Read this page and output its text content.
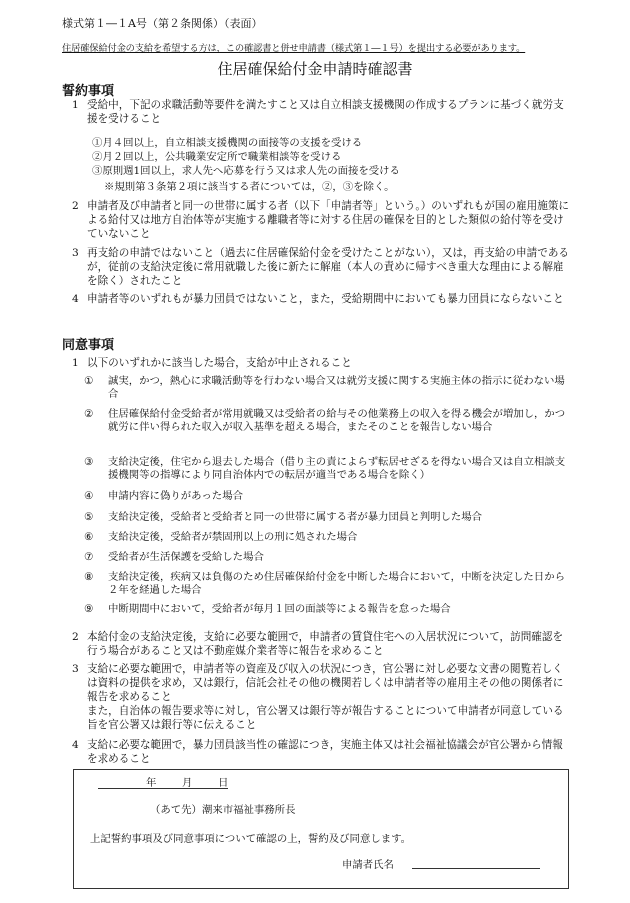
様式第１―１A号（第２条関係）（表面）
住居確保給付金の支給を希望する方は，この確認書と併せ申請書（様式第１―１号）を提出する必要があります。
住居確保給付金申請時確認書
誓約事項
1 受給中，下記の求職活動等要件を満たすこと又は自立相談支援機関の作成するプランに基づく就労支援を受けること
①月４回以上，自立相談支援機関の面接等の支援を受ける
②月２回以上，公共職業安定所で職業相談等を受ける
③原則週1回以上，求人先へ応募を行う又は求人先の面接を受ける
※規則第３条第２項に該当する者については，②，③を除く。
2 申請者及び申請者と同一の世帯に属する者（以下「申請者等」という。）のいずれもが国の雇用施策による給付又は地方自治体等が実施する離職者等に対する住居の確保を目的とした類似の給付等を受けていないこと
3 再支給の申請ではないこと（過去に住居確保給付金を受けたことがない），又は，再支給の申請であるが，従前の支給決定後に常用就職した後に新たに解雇（本人の責めに帰すべき重大な理由による解雇を除く）されたこと
4 申請者等のいずれもが暴力団員ではないこと，また，受給期間中においても暴力団員にならないこと
同意事項
1 以下のいずれかに該当した場合，支給が中止されること
①	誠実，かつ，熱心に求職活動等を行わない場合又は就労支援に関する実施主体の指示に従わない場合
②	住居確保給付金受給者が常用就職又は受給者の給与その他業務上の収入を得る機会が増加し，かつ就労に伴い得られた収入が収入基準を超える場合，またそのことを報告しない場合
③	支給決定後，住宅から退去した場合（借り主の責によらず転居せざるを得ない場合又は自立相談支援機関等の指導により同自治体内での転居が適当である場合を除く）
④	申請内容に偽りがあった場合
⑤	支給決定後，受給者と受給者と同一の世帯に属する者が暴力団員と判明した場合
⑥	支給決定後，受給者が禁固刑以上の刑に処された場合
⑦	受給者が生活保護を受給した場合
⑧	支給決定後，疾病又は負傷のため住居確保給付金を中断した場合において，中断を決定した日から２年を経過した場合
⑨	中断期間中において，受給者が毎月１回の面談等による報告を怠った場合
2 本給付金の支給決定後，支給に必要な範囲で，申請者の賃貸住宅への入居状況について，訪問確認を行う場合があること又は不動産媒介業者等に報告を求めること
3 支給に必要な範囲で，申請者等の資産及び収入の状況につき，官公署に対し必要な文書の閲覧若しくは資料の提供を求め，又は銀行，信託会社その他の機関若しくは申請者等の雇用主その他の関係者に報告を求めること
また，自治体の報告要求等に対し，官公署又は銀行等が報告することについて申請者が同意している旨を官公署又は銀行等に伝えること
4 支給に必要な範囲で，暴力団員該当性の確認につき，実施主体又は社会福祉協議会が官公署から情報を求めること
年 月 日
（あて先）潮来市福祉事務所長
上記誓約事項及び同意事項について確認の上，誓約及び同意します。
申請者氏名
